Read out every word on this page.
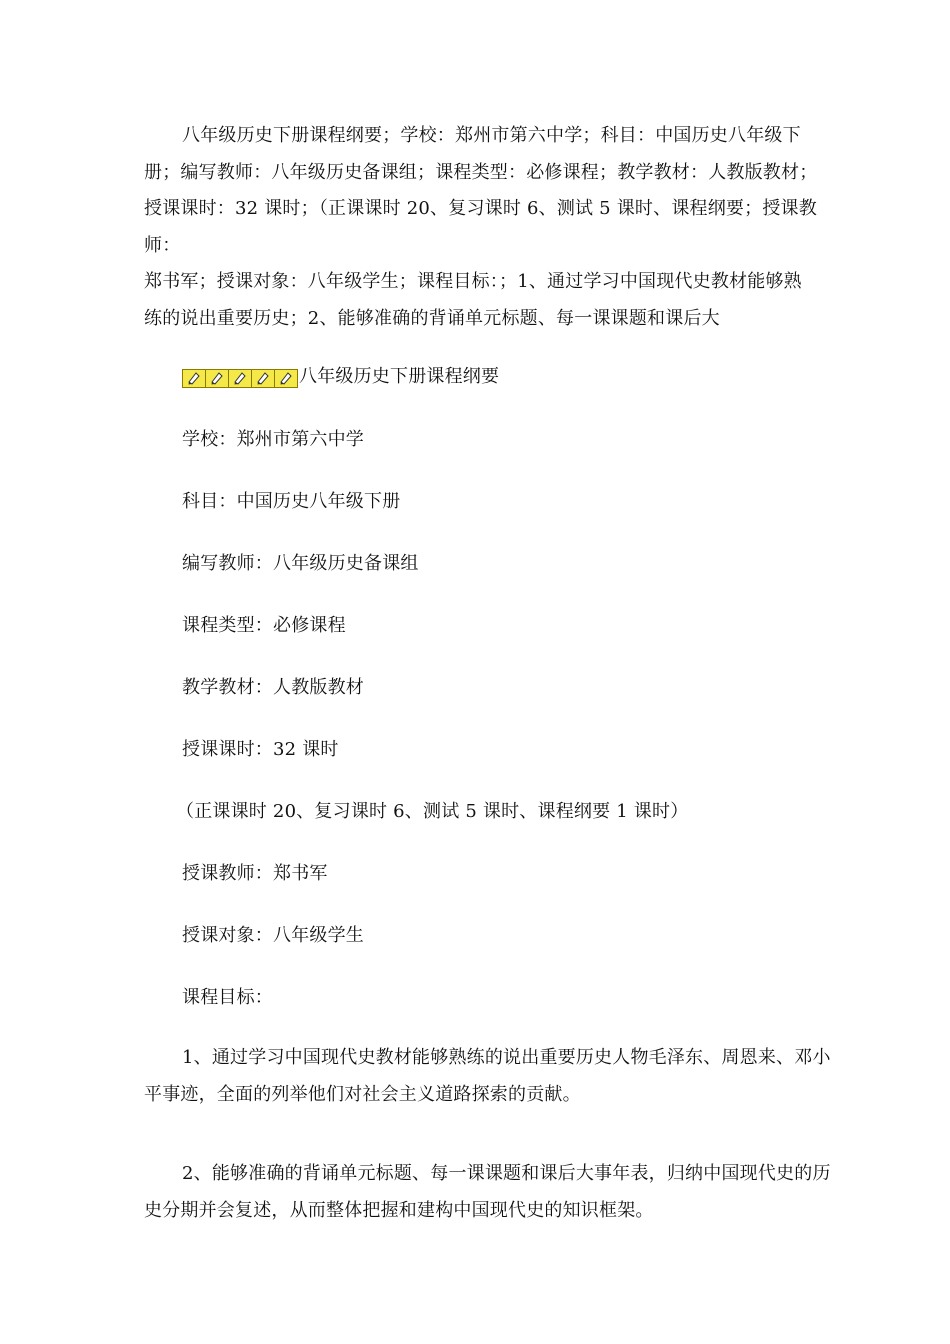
八年级历史下册课程纲要；学校：郑州市第六中学；科目：中国历史八年级下
册；编写教师：八年级历史备课组；课程类型：必修课程；教学教材：人教版教材；
授课课时：32 课时；（正课课时 20、复习课时 6、测试 5 课时、课程纲要；授课教师：
郑书军；授课对象：八年级学生；课程目标：；1、通过学习中国现代史教材能够熟
练的说出重要历史；2、能够准确的背诵单元标题、每一课课题和课后大
八年级历史下册课程纲要
学校：郑州市第六中学
科目：中国历史八年级下册
编写教师：八年级历史备课组
课程类型：必修课程
教学教材：人教版教材
授课课时：32 课时
（正课课时 20、复习课时 6、测试 5 课时、课程纲要 1 课时）
授课教师：郑书军
授课对象：八年级学生
课程目标：
1、通过学习中国现代史教材能够熟练的说出重要历史人物毛泽东、周恩来、邓小平事迹，全面的列举他们对社会主义道路探索的贡献。
2、能够准确的背诵单元标题、每一课课题和课后大事年表，归纳中国现代史的历史分期并会复述，从而整体把握和建构中国现代史的知识框架。
